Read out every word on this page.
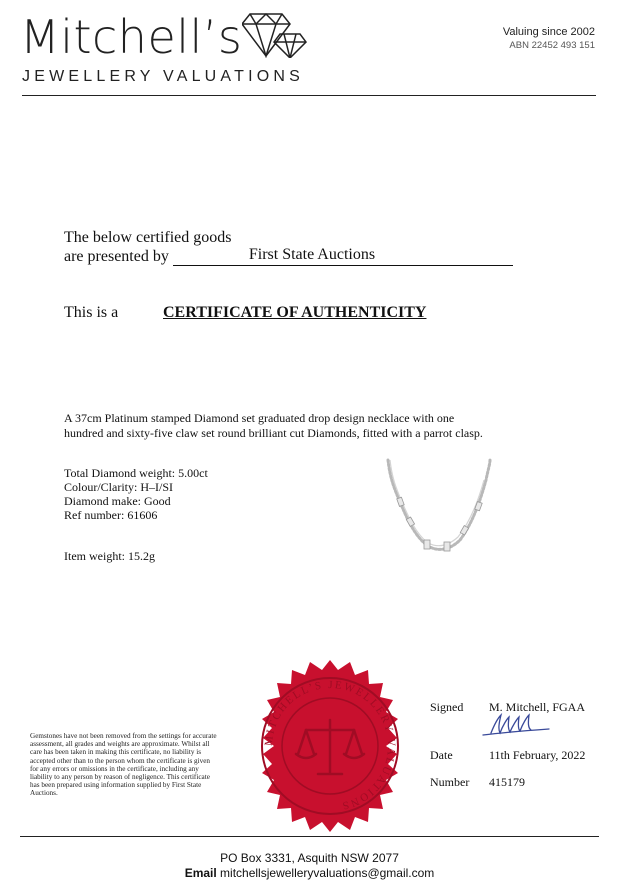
Mitchell’s
JEWELLERY VALUATIONS
Valuing since 2002
ABN 22452 493 151
The below certified goods
are presented by	First State Auctions
This is a	CERTIFICATE OF AUTHENTICITY
A 37cm Platinum stamped Diamond set graduated drop design necklace with one
hundred and sixty-five claw set round brilliant cut Diamonds, fitted with a parrot clasp.
Total Diamond weight: 5.00ct
Colour/Clarity: H–I/SI
Diamond make: Good
Ref number: 61606
Item weight: 15.2g
MITCHELL’S JEWELLERY VALUATIONS
Gemstones have not been removed from the settings for accurate assessment, all grades and weights are approximate. Whilst all care has been taken in making this certificate, no liability is accepted other than to the person whom the certificate is given for any errors or omissions in the certificate, including any liability to any person by reason of negligence. This certificate has been prepared using information supplied by First State Auctions.
Signed M. Mitchell, FGAA
Date	11th February, 2022
Number 415179
PO Box 3331, Asquith NSW 2077
Email mitchellsjewelleryvaluations@gmail.com
